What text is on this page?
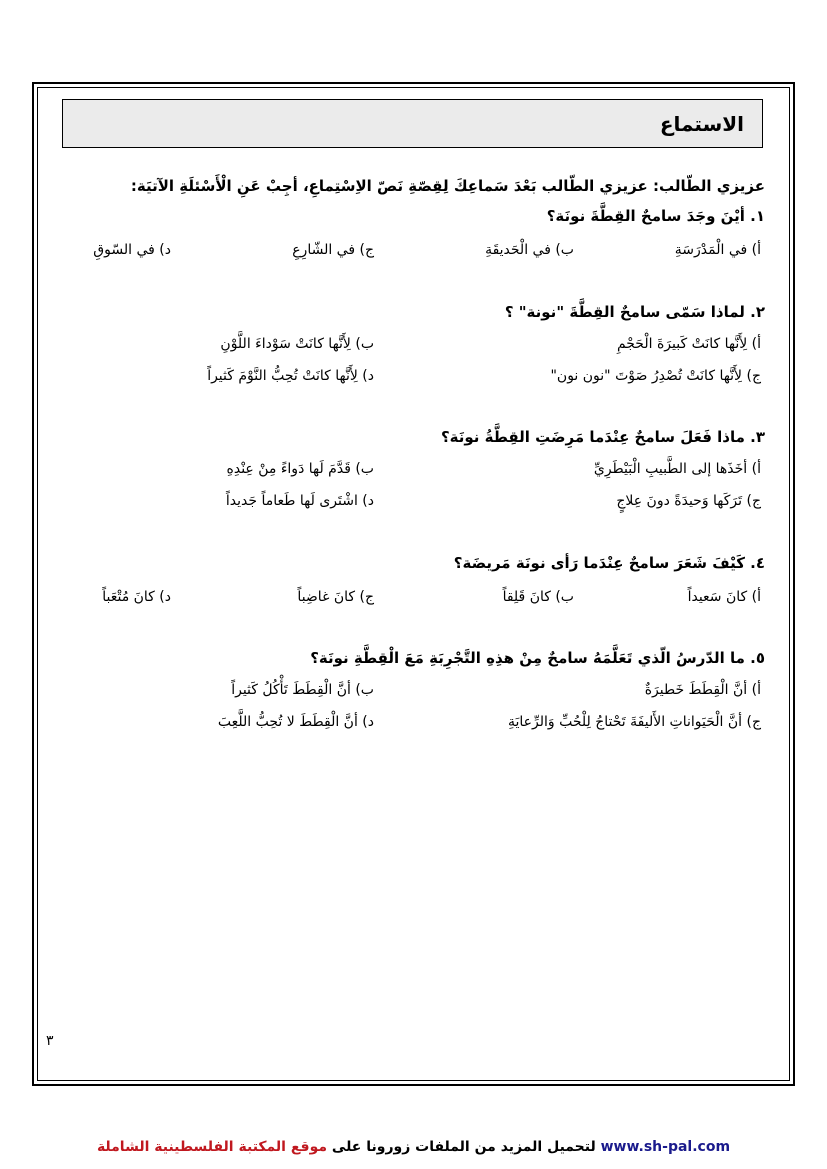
الاستماع
عزيزي الطّالب: عزيزي الطّالب بَعْدَ سَماعِكَ لِقِصّةِ نَصّ الاِسْتِماعِ، أجِبْ عَنِ الْأَسْئلَةِ الآتيَة:
١. أيْنَ وجَدَ سامحٌ القِطَّةَ نونَة؟
أ) في الْمَدْرَسَةِ
ب) في الْحَديقَةِ
ج) في الشّارِعِ
د) في السّوقِ
٢. لماذا سَمّى سامحٌ القِطَّةَ "نونة" ؟
أ) لِأَنَّها كانَتْ كَبيرَةَ الْحَجْمِ
ب) لِأَنَّها كانَتْ سَوْداءَ اللَّوْنِ
ج) لِأَنَّها كانَتْ تُصْدِرُ صَوْتَ "نون نون"
د) لِأَنَّها كانَتْ تُحِبُّ النَّوْمَ كَثيراً
٣. ماذا فَعَلَ سامحٌ عِنْدَما مَرِضَتِ القِطَّةُ نونَة؟
أ) أخَذَها إلى الطَّبيبِ الْبَيْطَرِيِّ
ب) قَدَّمَ لَها دَواءً مِنْ عِنْدِهِ
ج) تَرَكَها وَحيدَةً دونَ عِلاجٍ
د) اشْتَرى لَها طَعاماً جَديداً
٤. كَيْفَ شَعَرَ سامحٌ عِنْدَما رَأى نونَة مَريضَة؟
أ) كانَ سَعيداً
ب) كانَ قَلِقاً
ج) كانَ غاضِباً
د) كانَ مُتْعَباً
٥. ما الدّرسُ الّذي تَعَلَّمَهُ سامحٌ مِنْ هذِهِ التَّجْرِبَةِ مَعَ الْقِطَّةِ نونَة؟
أ) أنَّ الْقِطَطَ خَطيرَةٌ
ب) أنَّ الْقِطَطَ تَأْكُلُ كَثيراً
ج) أنَّ الْحَيَواناتِ الأَليفَةَ تَحْتاجُ لِلْحُبِّ وَالرِّعايَةِ
د) أنَّ الْقِطَطَ لا تُحِبُّ اللَّعِبَ
٣
لتحميل المزيد من الملفات زورونا على موقع المكتبة الفلسطينية الشاملة	www.sh-pal.com
